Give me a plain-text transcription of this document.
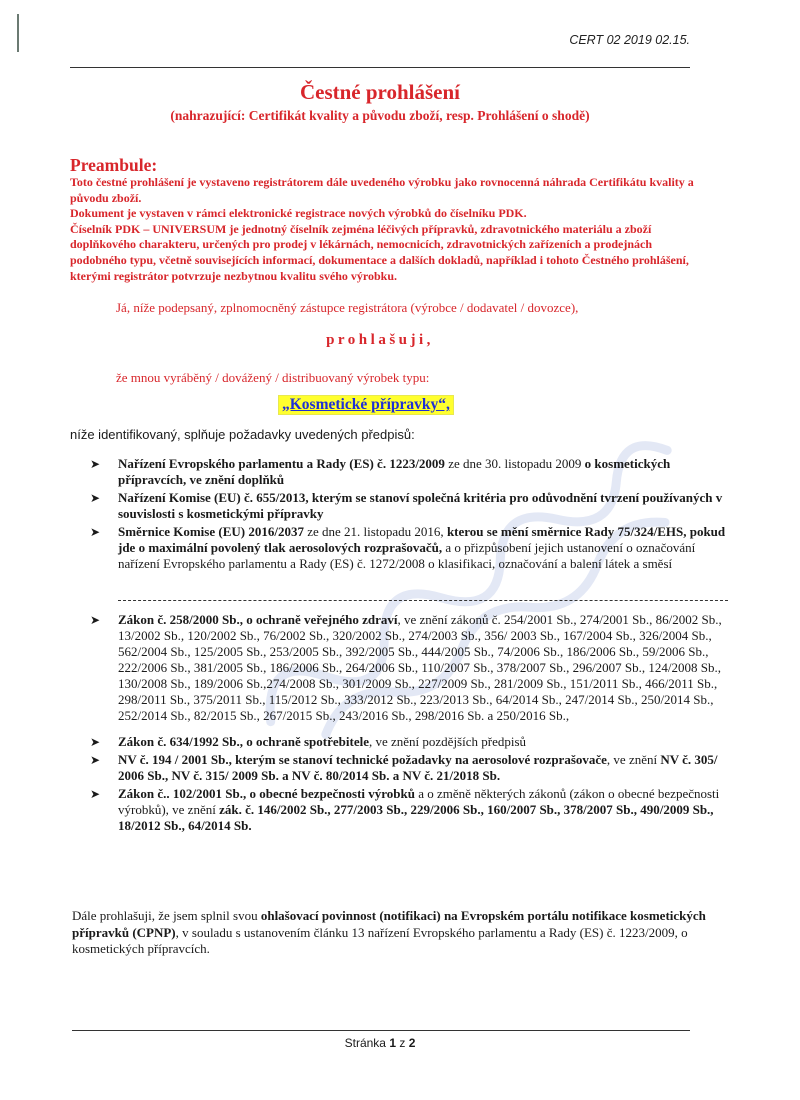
CERT 02 2019 02.15.
Čestné prohlášení
(nahrazující: Certifikát kvality a původu zboží, resp. Prohlášení o shodě)
Preambule:

Toto čestné prohlášení je vystaveno registrátorem dále uvedeného výrobku jako rovnocenná náhrada Certifikátu kvality a původu zboží.

Dokument je vystaven v rámci elektronické registrace nových výrobků do číselníku PDK.

Číselník PDK – UNIVERSUM je jednotný číselník zejména léčivých přípravků, zdravotnického materiálu a zboží doplňkového charakteru, určených pro prodej v lékárnách, nemocnicích, zdravotnických zařízeních a prodejnách podobného typu, včetně souvisejících informací, dokumentace a dalších dokladů, například i tohoto Čestného prohlášení, kterými registrátor potvrzuje nezbytnou kvalitu svého výrobku.

Já, níže podepsaný, zplnomocněný zástupce registrátora (výrobce / dodavatel / dovozce),
prohlašuji,
že mnou vyráběný / dovážený / distribuovaný výrobek typu:
„Kosmetické přípravky“,
níže identifikovaný, splňuje požadavky uvedených předpisů:
➤ Nařízení Evropského parlamentu a Rady (ES) č. 1223/2009 ze dne 30. listopadu 2009 o kosmetických přípravcích, ve znění doplňků
➤ Nařízení Komise (EU) č. 655/2013, kterým se stanoví společná kritéria pro odůvodnění tvrzení používaných v souvislosti s kosmetickými přípravky
➤ Směrnice Komise (EU) 2016/2037 ze dne 21. listopadu 2016, kterou se mění směrnice Rady 75/324/EHS, pokud jde o maximální povolený tlak aerosolových rozprašovačů, a o přizpůsobení jejich ustanovení o označování nařízení Evropského parlamentu a Rady (ES) č. 1272/2008 o klasifikaci, označování a balení látek a směsí
➤ Zákon č. 258/2000 Sb., o ochraně veřejného zdraví, ve znění zákonů č. 254/2001 Sb., 274/2001 Sb., 86/2002 Sb., 13/2002 Sb., 120/2002 Sb., 76/2002 Sb., 320/2002 Sb., 274/2003 Sb., 356/ 2003 Sb., 167/2004 Sb., 326/2004 Sb., 562/2004 Sb., 125/2005 Sb., 253/2005 Sb., 392/2005 Sb., 444/2005 Sb., 74/2006 Sb., 186/2006 Sb., 59/2006 Sb., 222/2006 Sb., 381/2005 Sb., 186/2006 Sb., 264/2006 Sb., 110/2007 Sb., 378/2007 Sb., 296/2007 Sb., 124/2008 Sb., 130/2008 Sb., 189/2006 Sb.,274/2008 Sb., 301/2009 Sb., 227/2009 Sb., 281/2009 Sb., 151/2011 Sb., 466/2011 Sb., 298/2011 Sb., 375/2011 Sb., 115/2012 Sb., 333/2012 Sb., 223/2013 Sb., 64/2014 Sb., 247/2014 Sb., 250/2014 Sb., 252/2014 Sb., 82/2015 Sb., 267/2015 Sb., 243/2016 Sb., 298/2016 Sb. a 250/2016 Sb.,
➤ Zákon č. 634/1992 Sb., o ochraně spotřebitele, ve znění pozdějších předpisů
➤ NV č. 194 / 2001 Sb., kterým se stanoví technické požadavky na aerosolové rozprašovače, ve znění NV č. 305/ 2006 Sb., NV č. 315/ 2009 Sb. a NV č. 80/2014 Sb. a NV č. 21/2018 Sb.
➤ Zákon č.. 102/2001 Sb., o obecné bezpečnosti výrobků a o změně některých zákonů (zákon o obecné bezpečnosti výrobků), ve znění zák. č. 146/2002 Sb., 277/2003 Sb., 229/2006 Sb., 160/2007 Sb., 378/2007 Sb., 490/2009 Sb., 18/2012 Sb., 64/2014 Sb.
Dále prohlašuji, že jsem splnil svou ohlašovací povinnost (notifikaci) na Evropském portálu notifikace kosmetických přípravků (CPNP), v souladu s ustanovením článku 13 nařízení Evropského parlamentu a Rady (ES) č. 1223/2009, o kosmetických přípravcích.
Stránka 1 z 2
